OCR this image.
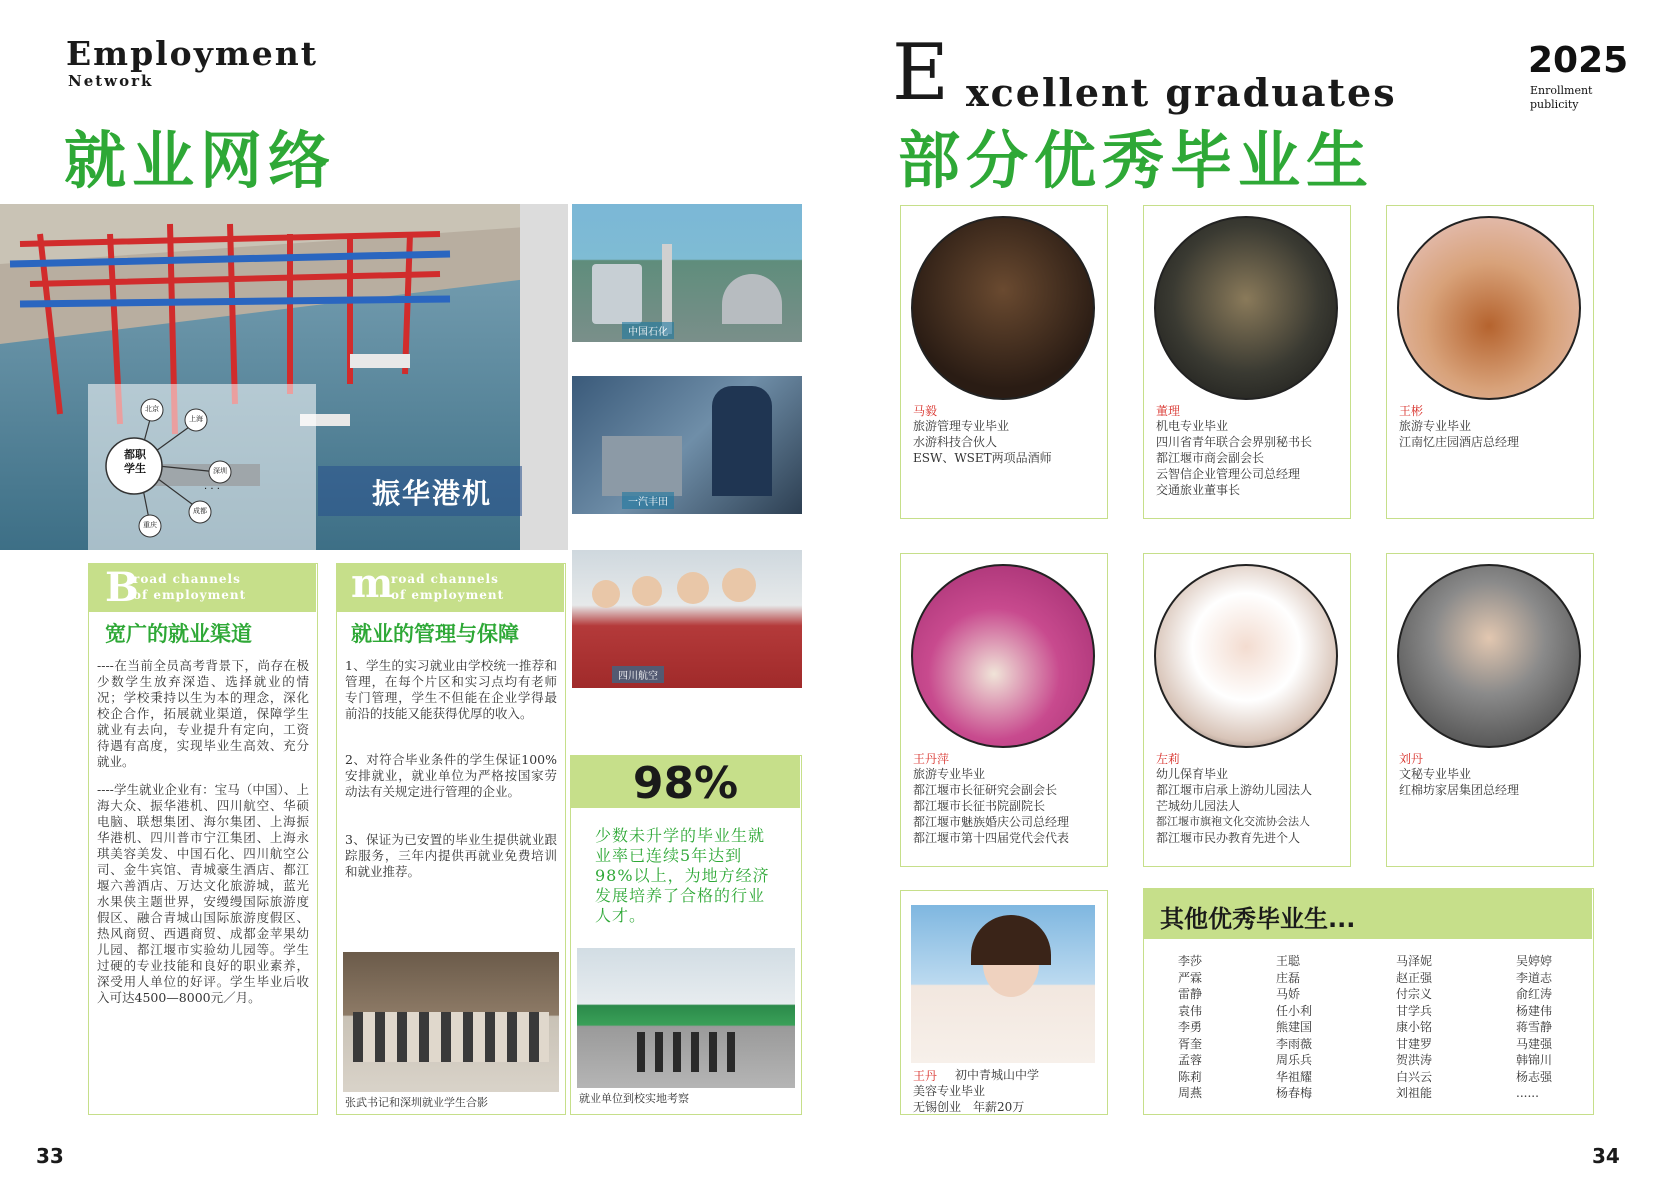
Employment
Network
就业网络
振华港机
都职
学生
北京
上海
深圳
成都
重庆
· · ·
中国石化
一汽丰田
四川航空
B
road channels
of employment
宽广的就业渠道
----在当前全员高考背景下，尚存在极少数学生放弃深造、选择就业的情况；学校秉持以生为本的理念，深化校企合作，拓展就业渠道，保障学生就业有去向，专业提升有定向，工资待遇有高度，实现毕业生高效、充分就业。
----学生就业企业有：宝马（中国）、上海大众、振华港机、四川航空、华硕电脑、联想集团、海尔集团、上海振华港机、四川普市宁江集团、上海永琪美容美发、中国石化、四川航空公司、金牛宾馆、青城豪生酒店、都江堰六善酒店、万达文化旅游城，蓝光水果侠主题世界，安缦缦国际旅游度假区、融合青城山国际旅游度假区、热风商贸、西遇商贸、成都金苹果幼儿园、都江堰市实验幼儿园等。学生过硬的专业技能和良好的职业素养，深受用人单位的好评。学生毕业后收入可达4500—8000元／月。
m
road channels
of employment
就业的管理与保障
1、学生的实习就业由学校统一推荐和管理，在每个片区和实习点均有老师专门管理，学生不但能在企业学得最前沿的技能又能获得优厚的收入。
2、对符合毕业条件的学生保证100%安排就业，就业单位为严格按国家劳动法有关规定进行管理的企业。
3、保证为已安置的毕业生提供就业跟踪服务，三年内提供再就业免费培训和就业推荐。
张武书记和深圳就业学生合影
98%
少数未升学的毕业生就业率已连续5年达到98%以上，为地方经济发展培养了合格的行业人才。
就业单位到校实地考察
33
E xcellent graduates
2025
Enrollment
publicity
部分优秀毕业生
马毅
旅游管理专业毕业
水游科技合伙人
ESW、WSET两项品酒师
董理
机电专业毕业
四川省青年联合会界别秘书长
都江堰市商会副会长
云智信企业管理公司总经理
交通旅业董事长
王彬
旅游专业毕业
江南忆庄园酒店总经理
王丹萍
旅游专业毕业
都江堰市长征研究会副会长
都江堰市长征书院副院长
都江堰市魅族婚庆公司总经理
都江堰市第十四届党代会代表
左莉
幼儿保育毕业
都江堰市启承上游幼儿园法人
芒城幼儿园法人
都江堰市旗袍文化交流协会法人
都江堰市民办教育先进个人
刘丹
文秘专业毕业
红棉坊家居集团总经理
王丹 初中青城山中学
美容专业毕业
无锡创业　年薪20万
其他优秀毕业生...
李莎
严霖
雷静
袁伟
李勇
胥奎
孟蓉
陈莉
周燕
王聪
庄磊
马娇
任小利
熊建国
李雨薇
周乐兵
华祖耀
杨春梅
马泽妮
赵正强
付宗义
甘学兵
康小铭
甘建罗
贺洪涛
白兴云
刘祖能
吴婷婷
李道志
俞红涛
杨建伟
蒋雪静
马建强
韩锦川
杨志强
......
34
